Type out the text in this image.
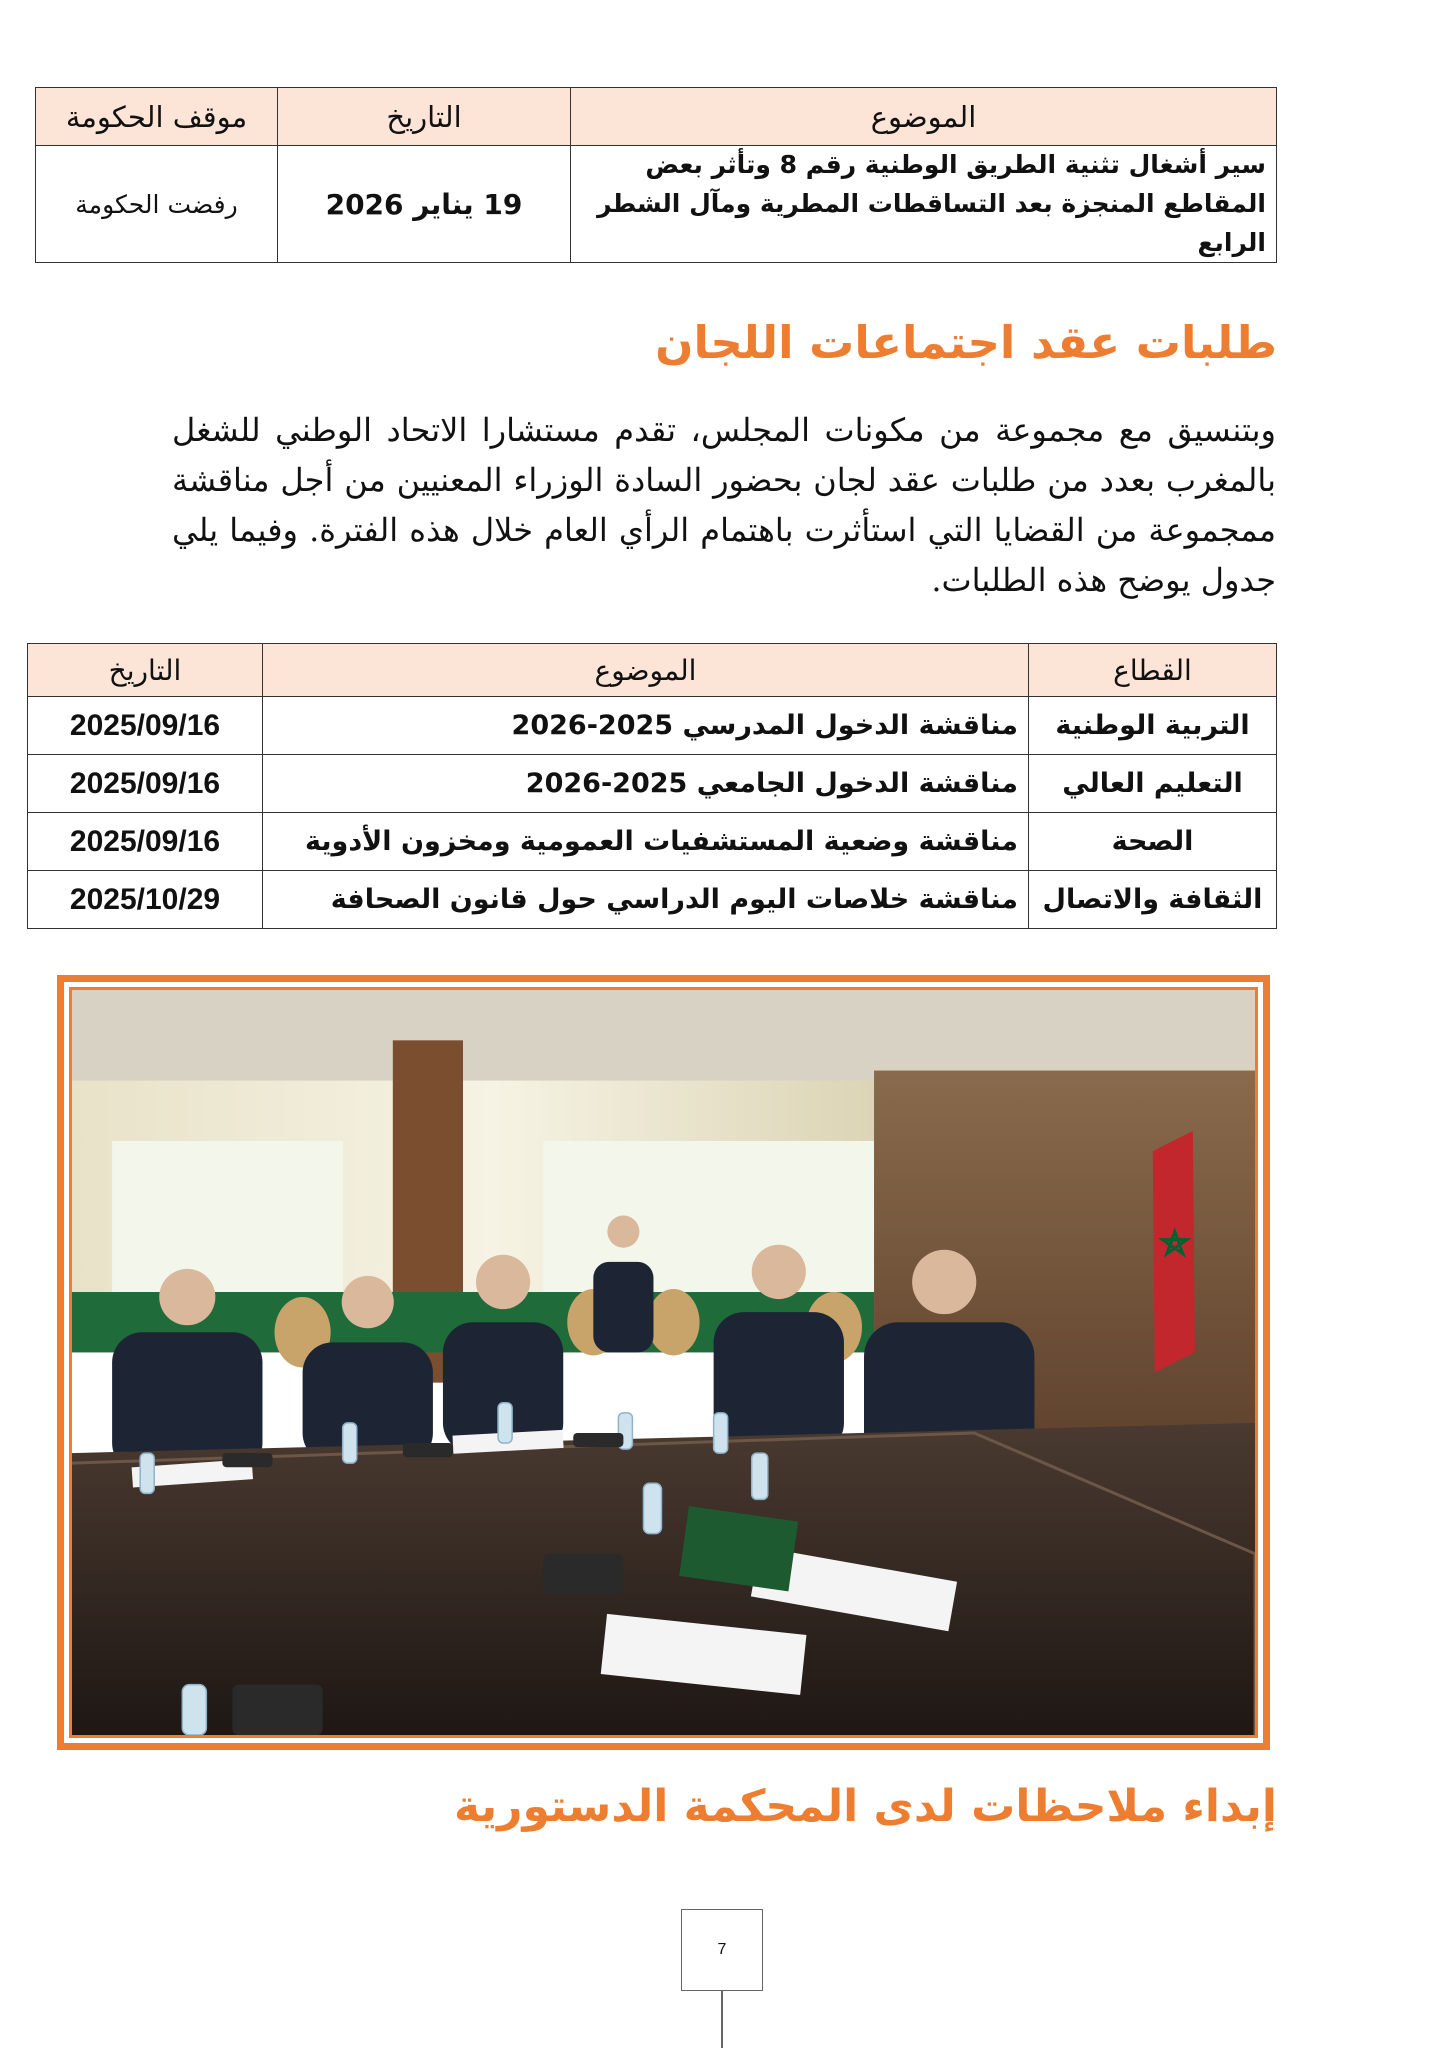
الموضوع	التاريخ	موقف الحكومة
سير أشغال تثنية الطريق الوطنية رقم 8 وتأثر بعض المقاطع المنجزة بعد التساقطات المطرية ومآل الشطر الرابع	19 يناير 2026	رفضت الحكومة
طلبات عقد اجتماعات اللجان

وبتنسيق مع مجموعة من مكونات المجلس، تقدم مستشارا الاتحاد الوطني للشغل بالمغرب بعدد من طلبات عقد لجان بحضور السادة الوزراء المعنيين من أجل مناقشة ممجموعة من القضايا التي استأثرت باهتمام الرأي العام خلال هذه الفترة. وفيما يلي جدول يوضح هذه الطلبات.

القطاع	الموضوع	التاريخ
التربية الوطنية	مناقشة الدخول المدرسي 2025-2026	2025/09/16
التعليم العالي	مناقشة الدخول الجامعي 2025-2026	2025/09/16
الصحة	مناقشة وضعية المستشفيات العمومية ومخزون الأدوية	2025/09/16
الثقافة والاتصال	مناقشة خلاصات اليوم الدراسي حول قانون الصحافة	2025/10/29
إبداء ملاحظات لدى المحكمة الدستورية
7
